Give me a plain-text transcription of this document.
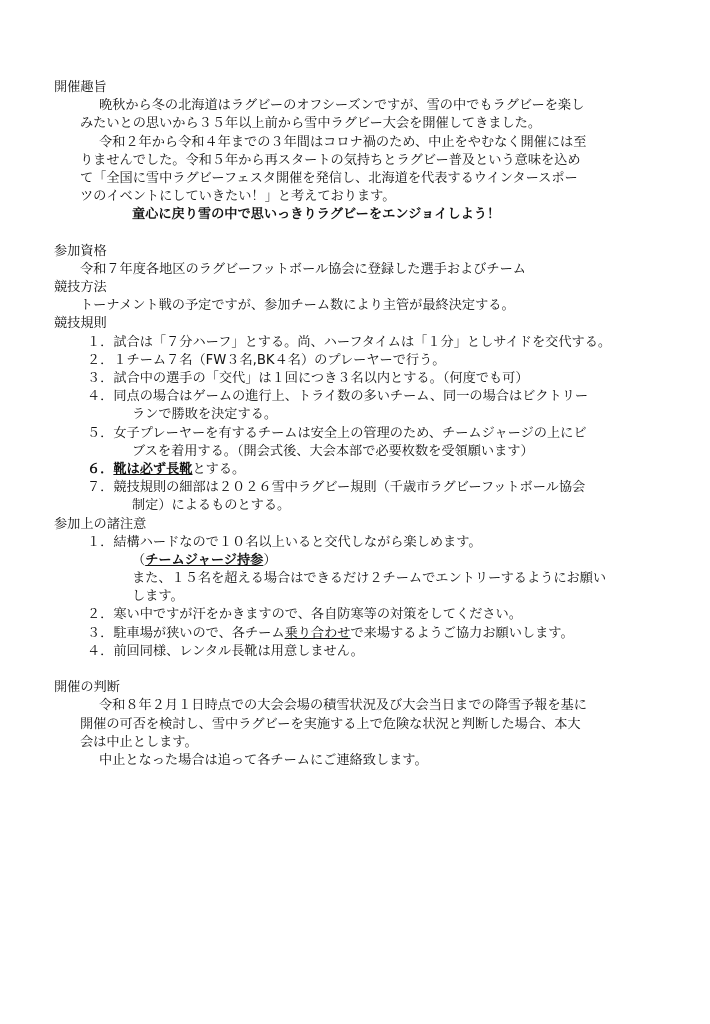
開催趣旨
晩秋から冬の北海道はラグビーのオフシーズンですが、雪の中でもラグビーを楽し
みたいとの思いから３５年以上前から雪中ラグビー大会を開催してきました。
令和２年から令和４年までの３年間はコロナ禍のため、中止をやむなく開催には至
りませんでした。令和５年から再スタートの気持ちとラグビー普及という意味を込め
て「全国に雪中ラグビーフェスタ開催を発信し、北海道を代表するウインタースポー
ツのイベントにしていきたい！」と考えております。
童心に戻り雪の中で思いっきりラグビーをエンジョイしよう！
参加資格
令和７年度各地区のラグビーフットボール協会に登録した選手およびチーム
競技方法
トーナメント戦の予定ですが、参加チーム数により主管が最終決定する。
競技規則
１．試合は「７分ハーフ」とする。尚、ハーフタイムは「１分」としサイドを交代する。
２．１チーム７名（FW３名,BK４名）のプレーヤーで行う。
３．試合中の選手の「交代」は１回につき３名以内とする。（何度でも可）
４．同点の場合はゲームの進行上、トライ数の多いチーム、同一の場合はビクトリー
ランで勝敗を決定する。
５．女子プレーヤーを有するチームは安全上の管理のため、チームジャージの上にビ
ブスを着用する。（開会式後、大会本部で必要枚数を受領願います）
６．靴は必ず長靴とする。
７．競技規則の細部は２０２６雪中ラグビー規則（千歳市ラグビーフットボール協会
制定）によるものとする。
参加上の諸注意
１．結構ハードなので１０名以上いると交代しながら楽しめます。
（チームジャージ持参）
また、１５名を超える場合はできるだけ２チームでエントリーするようにお願い
します。
２．寒い中ですが汗をかきますので、各自防寒等の対策をしてください。
３．駐車場が狭いので、各チーム乗り合わせで来場するようご協力お願いします。
４．前回同様、レンタル長靴は用意しません。
開催の判断
令和８年２月１日時点での大会会場の積雪状況及び大会当日までの降雪予報を基に
開催の可否を検討し、雪中ラグビーを実施する上で危険な状況と判断した場合、本大
会は中止とします。
中止となった場合は追って各チームにご連絡致します。
